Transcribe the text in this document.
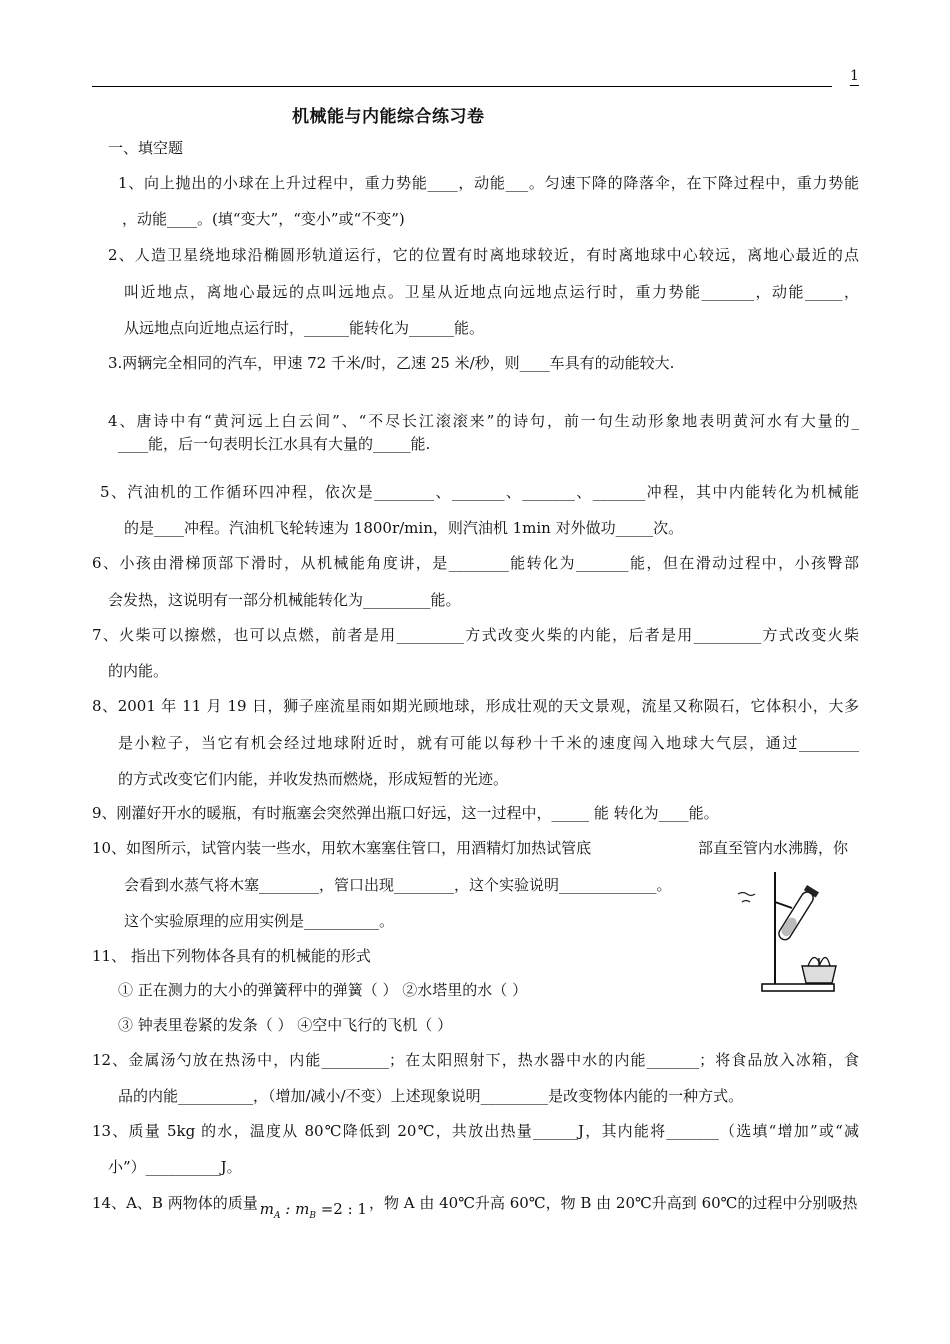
1
机械能与内能综合练习卷
一、填空题
1、向上抛出的小球在上升过程中，重力势能____，动能___。匀速下降的降落伞，在下降过程中，重力势能
，动能____。(填“变大”，“变小”或“不变”)
2、人造卫星绕地球沿椭圆形轨道运行，它的位置有时离地球较近，有时离地球中心较远，离地心最近的点
叫近地点，离地心最远的点叫远地点。卫星从近地点向远地点运行时，重力势能_______，动能_____，
从远地点向近地点运行时，______能转化为______能。
3.两辆完全相同的汽车，甲速 72 千米/时，乙速 25 米/秒，则____车具有的动能较大.
4、唐诗中有“黄河远上白云间”、“不尽长江滚滚来”的诗句，前一句生动形象地表明黄河水有大量的_
____能，后一句表明长江水具有大量的_____能.
5、汽油机的工作循环四冲程，依次是________、_______、_______、_______冲程，其中内能转化为机械能
的是____冲程。汽油机飞轮转速为 1800r/min，则汽油机 1min 对外做功_____次。
6、小孩由滑梯顶部下滑时，从机械能角度讲，是________能转化为_______能，但在滑动过程中，小孩臀部
会发热，这说明有一部分机械能转化为_________能。
7、火柴可以擦燃，也可以点燃，前者是用_________方式改变火柴的内能，后者是用_________方式改变火柴
的内能。
8、2001 年 11 月 19 日，狮子座流星雨如期光顾地球，形成壮观的天文景观，流星又称陨石，它体积小，大多
是小粒子，当它有机会经过地球附近时，就有可能以每秒十千米的速度闯入地球大气层，通过________
的方式改变它们内能，并收发热而燃烧，形成短暂的光迹。
9、刚灌好开水的暖瓶，有时瓶塞会突然弹出瓶口好远，这一过程中，_____ 能 转化为____能。
10、如图所示，试管内装一些水，用软木塞塞住管口，用酒精灯加热试管底	部直至管内水沸腾，你
会看到水蒸气将木塞________，管口出现________，这个实验说明_____________。
这个实验原理的应用实例是__________。
11、 指出下列物体各具有的机械能的形式
① 正在测力的大小的弹簧秤中的弹簧（ ） ②水塔里的水（ ）
③ 钟表里卷紧的发条（ ） ④空中飞行的飞机（ ）
12、金属汤勺放在热汤中，内能_________；在太阳照射下，热水器中水的内能_______；将食品放入冰箱，食
品的内能__________，（增加/减小/不变）上述现象说明_________是改变物体内能的一种方式。
13、质量 5kg 的水，温度从 80℃降低到 20℃，共放出热量______J，其内能将_______（选填“增加”或“减
小”）__________J。
14、A、B 两物体的质量 $m_A$ : $m_B =2$ : 1 ，物 A 由 40℃升高 60℃，物 B 由 20℃升高到 60℃的过程中分别吸热
